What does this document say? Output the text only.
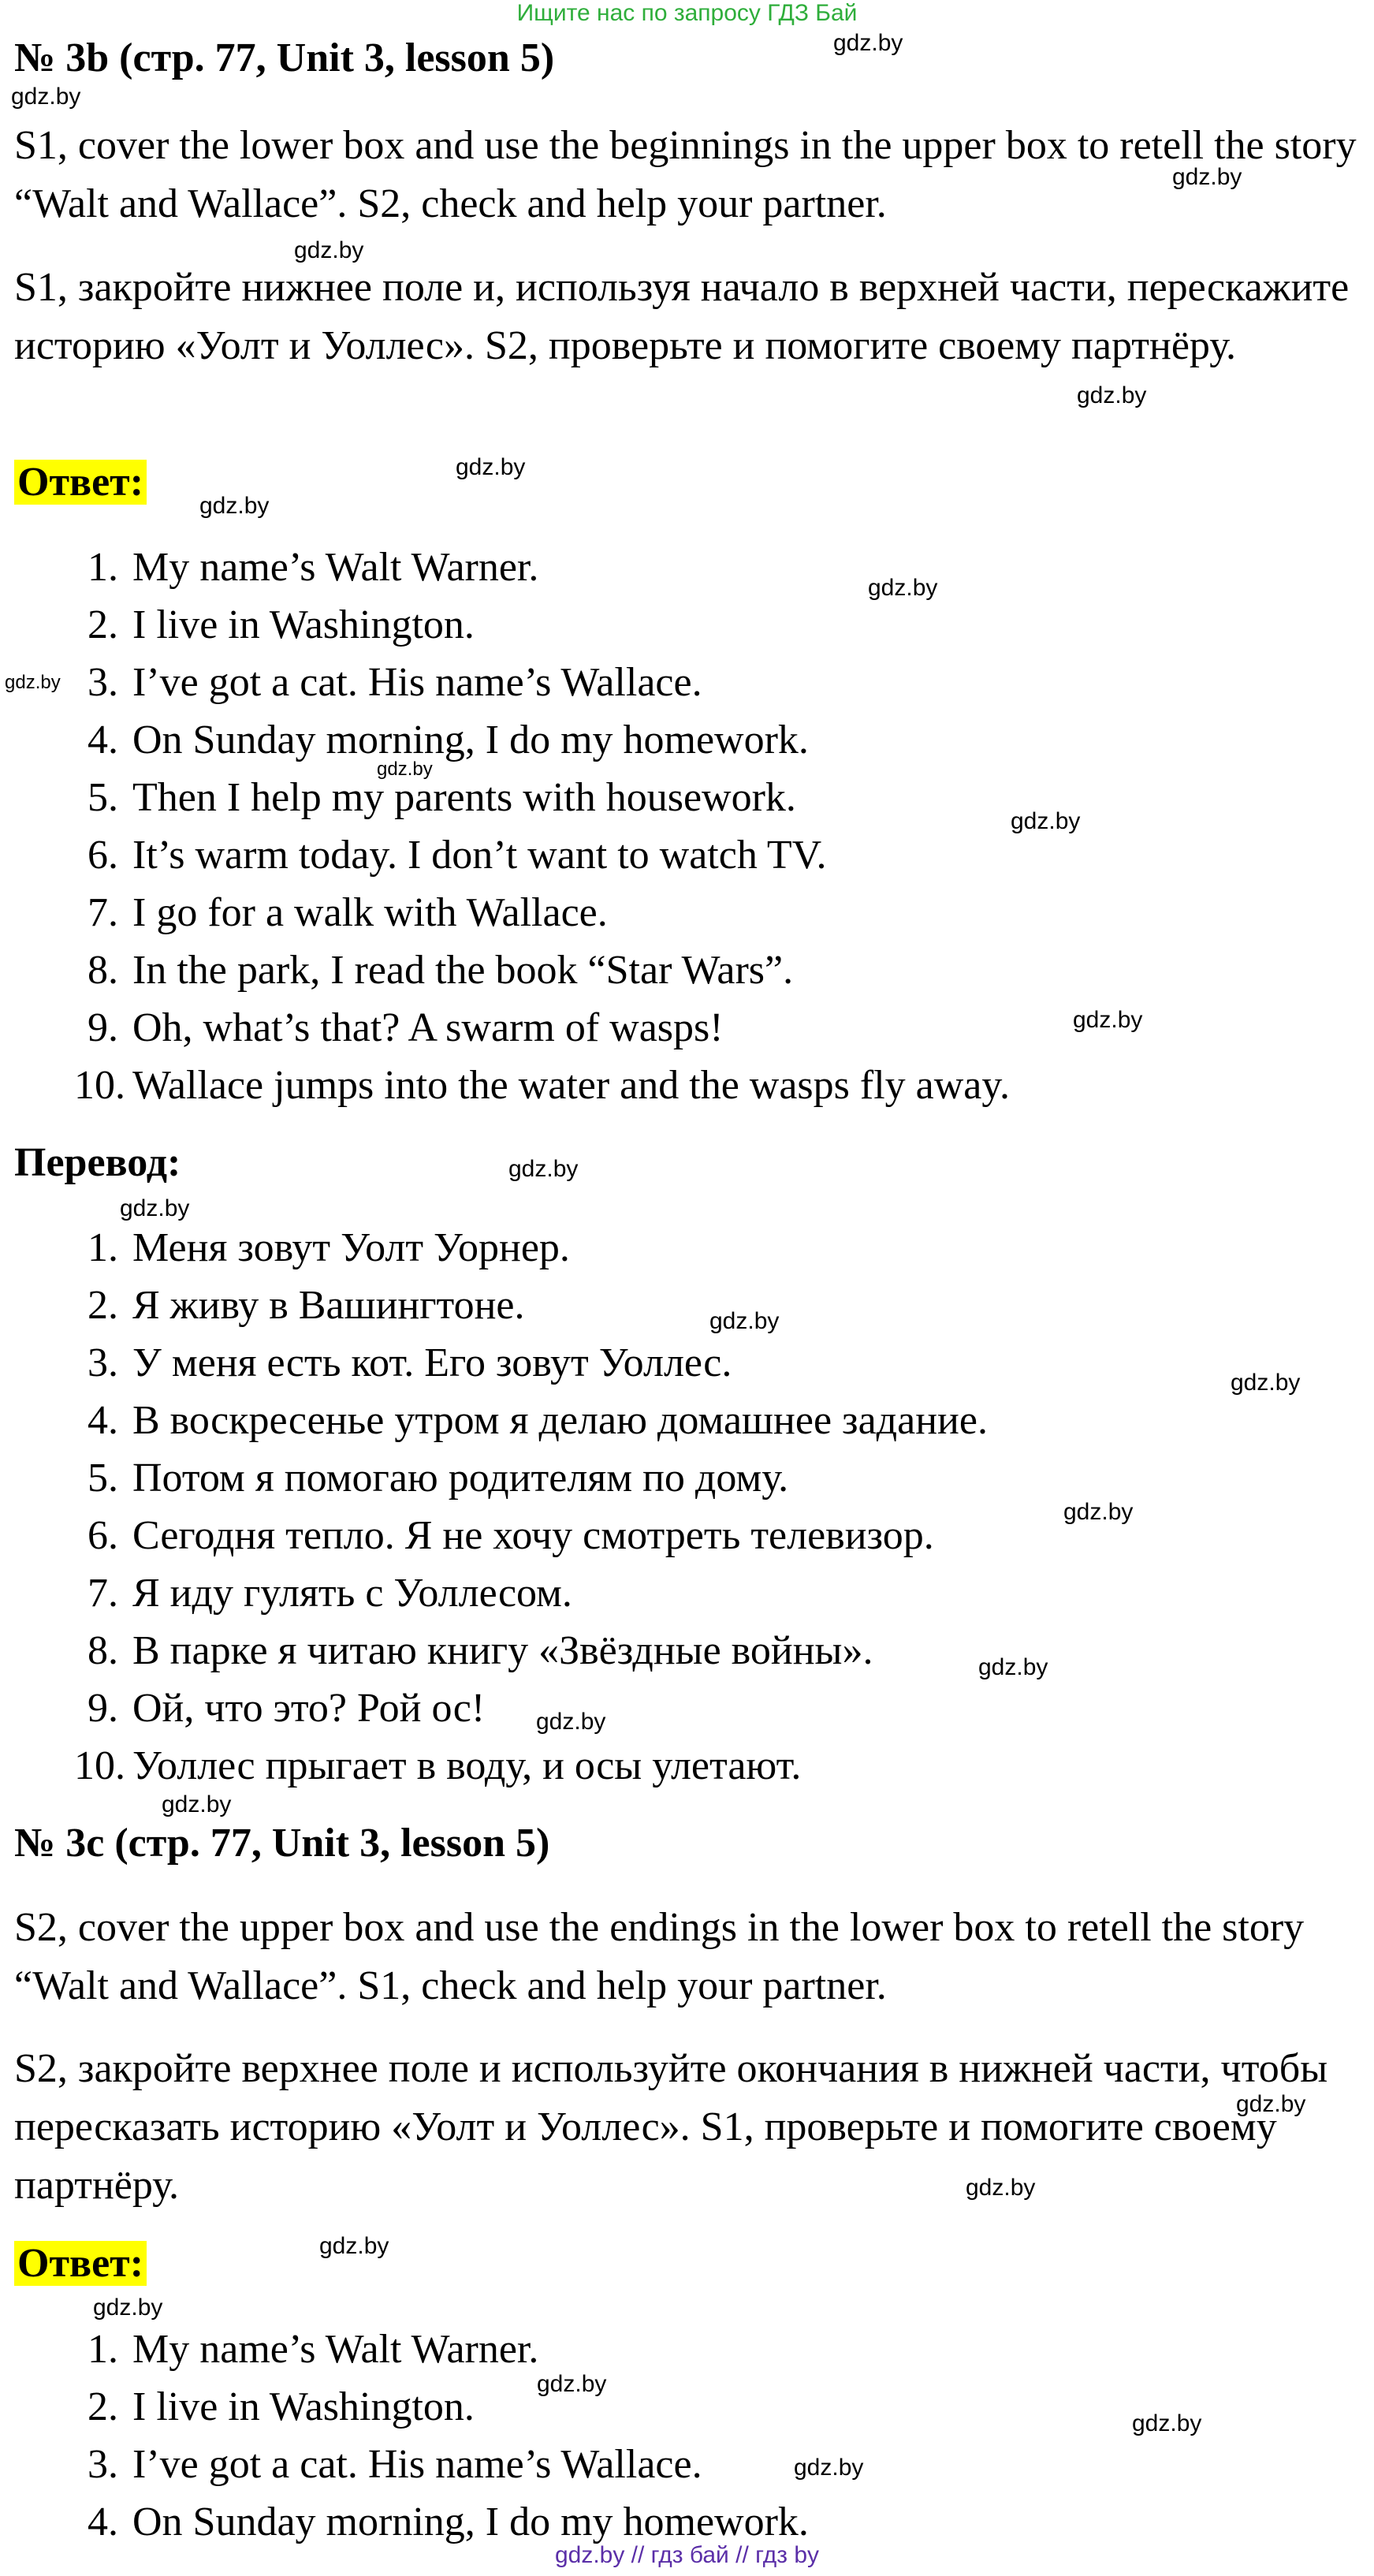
Ищите нас по запросу ГДЗ Бай
№ 3b (стр. 77, Unit 3, lesson 5)
S1, cover the lower box and use the beginnings in the upper box to retell the story “Walt and Wallace”. S2, check and help your partner.
S1, закройте нижнее поле и, используя начало в верхней части, перескажите историю «Уолт и Уоллес». S2, проверьте и помогите своему партнёру.
Ответ:
1. My name’s Walt Warner.
2. I live in Washington.
3. I’ve got a cat. His name’s Wallace.
4. On Sunday morning, I do my homework.
5. Then I help my parents with housework.
6. It’s warm today. I don’t want to watch TV.
7. I go for a walk with Wallace.
8. In the park, I read the book “Star Wars”.
9. Oh, what’s that? A swarm of wasps!
10. Wallace jumps into the water and the wasps fly away.
Перевод:
1. Меня зовут Уолт Уорнер.
2. Я живу в Вашингтоне.
3. У меня есть кот. Его зовут Уоллес.
4. В воскресенье утром я делаю домашнее задание.
5. Потом я помогаю родителям по дому.
6. Сегодня тепло. Я не хочу смотреть телевизор.
7. Я иду гулять с Уоллесом.
8. В парке я читаю книгу «Звёздные войны».
9. Ой, что это? Рой ос!
10. Уоллес прыгает в воду, и осы улетают.
№ 3c (стр. 77, Unit 3, lesson 5)
S2, cover the upper box and use the endings in the lower box to retell the story “Walt and Wallace”. S1, check and help your partner.
S2, закройте верхнее поле и используйте окончания в нижней части, чтобы пересказать историю «Уолт и Уоллес». S1, проверьте и помогите своему партнёру.
Ответ:
1. My name’s Walt Warner.
2. I live in Washington.
3. I’ve got a cat. His name’s Wallace.
4. On Sunday morning, I do my homework.
gdz.by
gdz.by
gdz.by
gdz.by
gdz.by
gdz.by
gdz.by
gdz.by
gdz.by
gdz.by
gdz.by
gdz.by
gdz.by
gdz.by
gdz.by
gdz.by
gdz.by
gdz.by
gdz.by
gdz.by
gdz.by
gdz.by
gdz.by
gdz.by
gdz.by
gdz.by
gdz.by
gdz.by // гдз бай // гдз by
